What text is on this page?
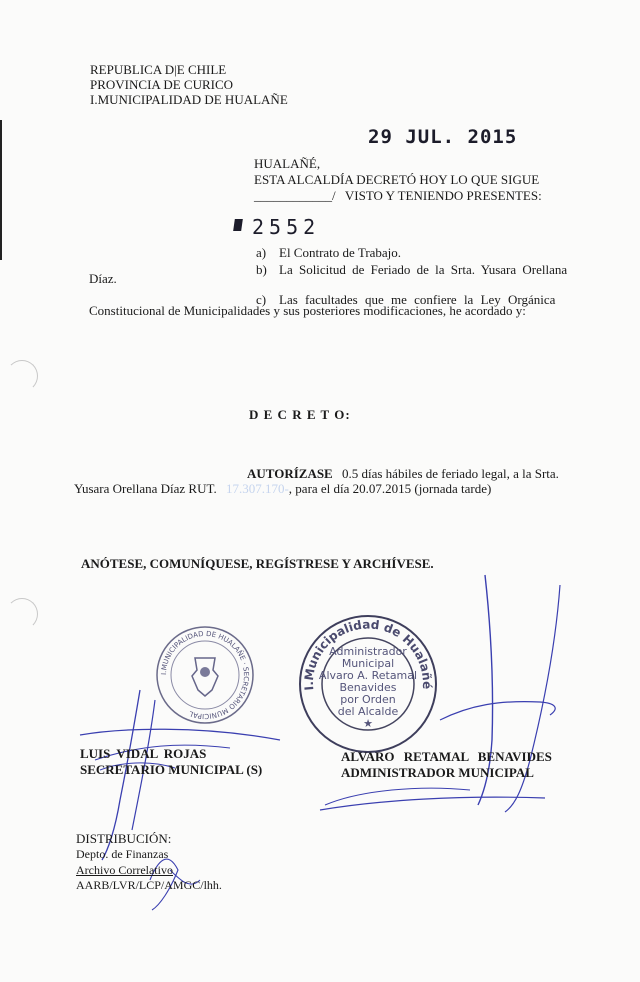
REPUBLICA D|E CHILE
PROVINCIA DE CURICO
I.MUNICIPALIDAD DE HUALAÑE
29 JUL. 2015
HUALAÑÉ,
ESTA ALCALDÍA DECRETÓ HOY LO QUE SIGUE
____________/ VISTO Y TENIENDO PRESENTES:
2552
a) El Contrato de Trabajo.
b) La Solicitud de Feriado de la Srta. Yusara Orellana
Díaz.
c) Las facultades que me confiere la Ley Orgánica
Constitucional de Municipalidades y sus posteriores modificaciones, he acordado y:
D E C R E T O:
AUTORÍZASE 0.5 días hábiles de feriado legal, a la Srta.
Yusara Orellana Díaz RUT. 17.307.170-, para el día 20.07.2015 (jornada tarde)
ANÓTESE, COMUNÍQUESE, REGÍSTRESE Y ARCHÍVESE.
I.MUNICIPALIDAD DE HUALAÑE · SECRETARIO MUNICIPAL
I.Municipalidad de Hualañé
Administrador
Municipal
Alvaro A. Retamal
Benavides
por Orden
del Alcalde
★
LUIS VIDAL ROJAS
SECRETARIO MUNICIPAL (S)
ALVARO RETAMAL BENAVIDES
ADMINISTRADOR MUNICIPAL
DISTRIBUCIÓN:
Depto. de Finanzas
Archivo Correlativo
AARB/LVR/LCP/AMGC/lhh.
